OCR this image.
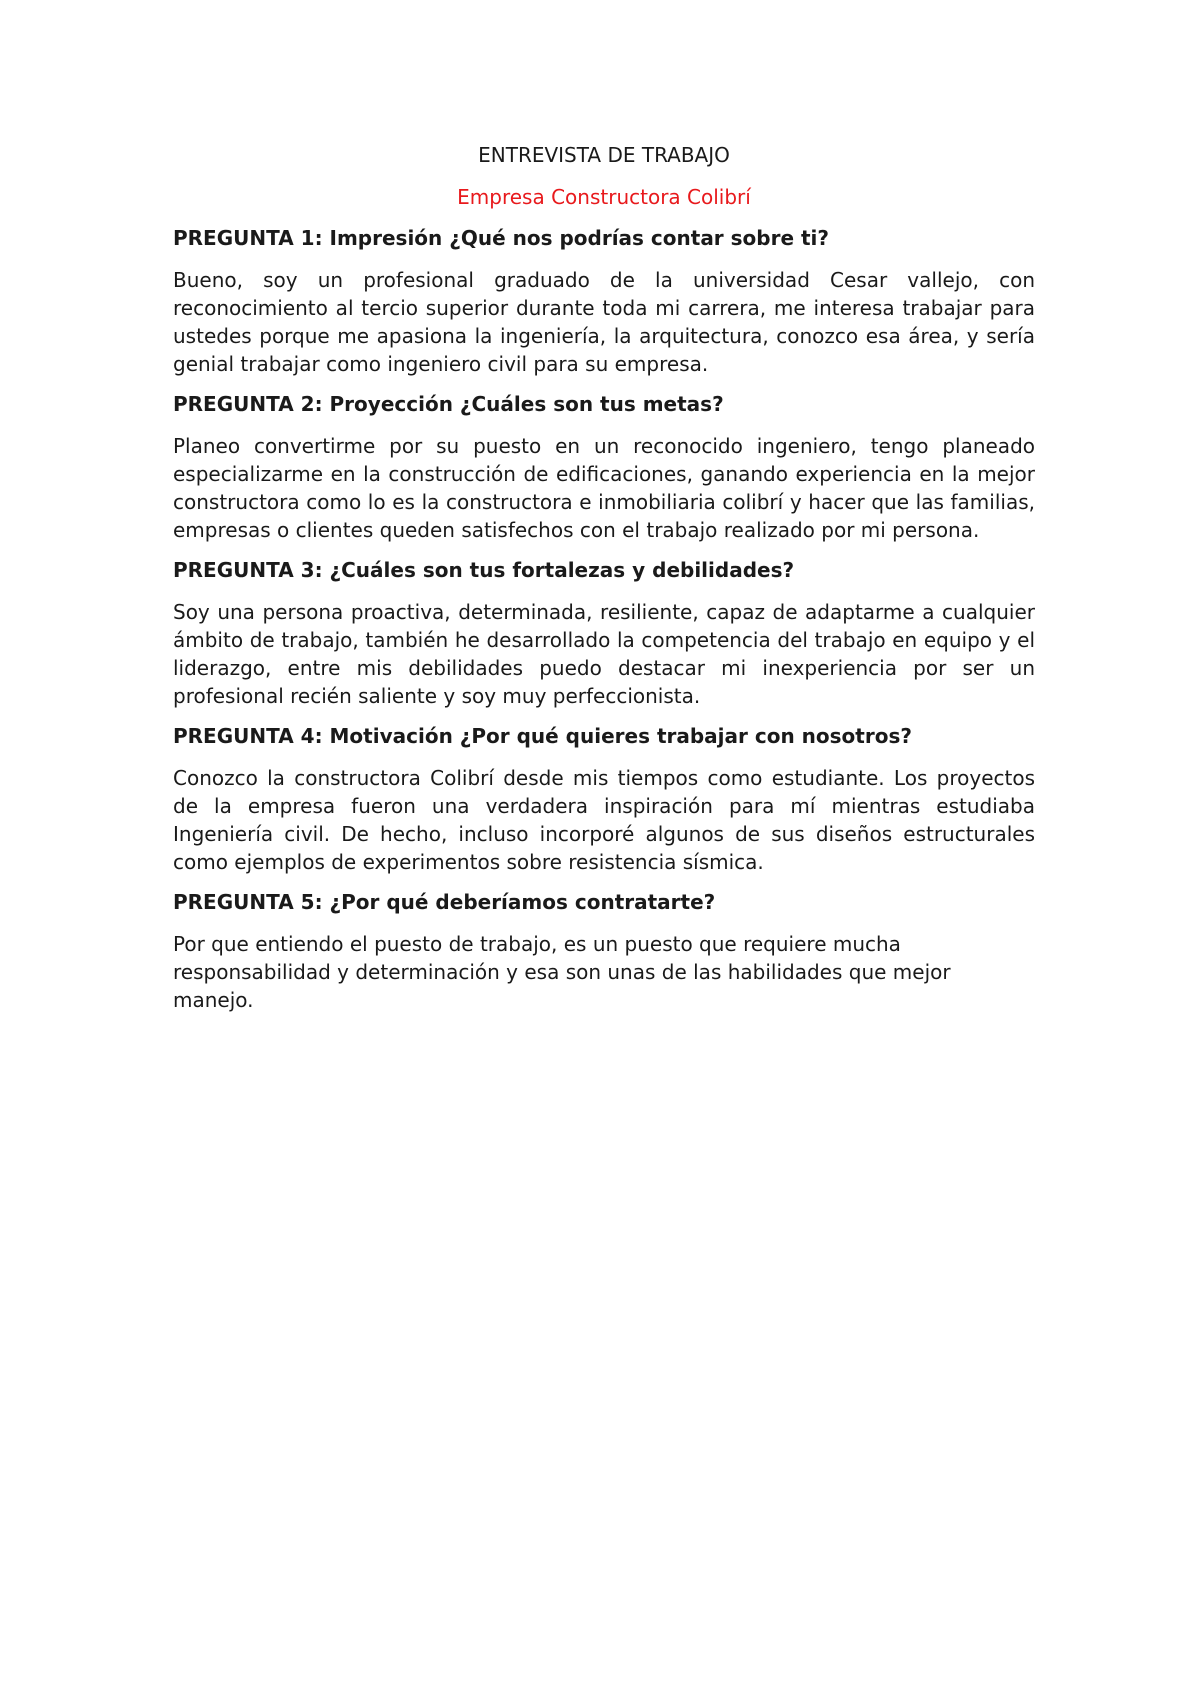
ENTREVISTA DE TRABAJO
Empresa Constructora Colibrí
PREGUNTA 1: Impresión ¿Qué nos podrías contar sobre ti?

Bueno, soy un profesional graduado de la universidad Cesar vallejo, con reconocimiento al tercio superior durante toda mi carrera, me interesa trabajar para ustedes porque me apasiona la ingeniería, la arquitectura, conozco esa área, y sería genial trabajar como ingeniero civil para su empresa.

PREGUNTA 2: Proyección ¿Cuáles son tus metas?

Planeo convertirme por su puesto en un reconocido ingeniero, tengo planeado especializarme en la construcción de edificaciones, ganando experiencia en la mejor constructora como lo es la constructora e inmobiliaria colibrí y hacer que las familias, empresas o clientes queden satisfechos con el trabajo realizado por mi persona.

PREGUNTA 3: ¿Cuáles son tus fortalezas y debilidades?

Soy una persona proactiva, determinada, resiliente, capaz de adaptarme a cualquier ámbito de trabajo, también he desarrollado la competencia del trabajo en equipo y el liderazgo, entre mis debilidades puedo destacar mi inexperiencia por ser un profesional recién saliente y soy muy perfeccionista.

PREGUNTA 4: Motivación ¿Por qué quieres trabajar con nosotros?

Conozco la constructora Colibrí desde mis tiempos como estudiante. Los proyectos de la empresa fueron una verdadera inspiración para mí mientras estudiaba Ingeniería civil. De hecho, incluso incorporé algunos de sus diseños estructurales como ejemplos de experimentos sobre resistencia sísmica.

PREGUNTA 5: ¿Por qué deberíamos contratarte?

Por que entiendo el puesto de trabajo, es un puesto que requiere mucha responsabilidad y determinación y esa son unas de las habilidades que mejor manejo.
